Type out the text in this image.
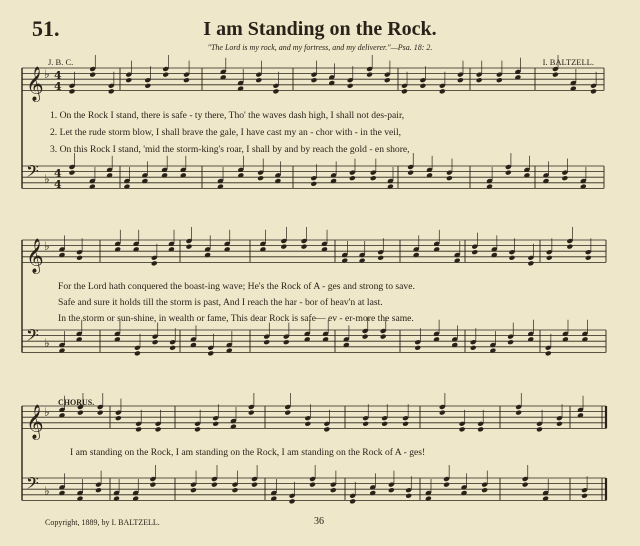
51.	I am Standing on the Rock.
"The Lord is my rock, and my fortress, and my deliverer."—Psa. 18: 2.
J. B. C.	I. BALTZELL.
𝄞 ♭ 4
4
𝄢 ♭ 4
4
𝄞 ♭
𝄢 ♭
𝄞 ♭
𝄢 ♭
1. On the Rock I stand, there is safe - ty there, Tho' the waves dash high, I shall not des-pair,
2. Let the rude storm blow, I shall brave the gale, I have cast my an - chor with - in the veil,
3. On this Rock I stand, 'mid the storm-king's roar, I shall by and by reach the gold - en shore,
For the Lord hath conquered the boast-ing wave; He's the Rock of A - ges and strong to save.
Safe and sure it holds till the storm is past, And I reach the har - bor of heav'n at last.
In the storm or sun-shine, in wealth or fame, This dear Rock is safe— ev - er-more the same.
CHORUS.
I am standing on the Rock, I am standing on the Rock, I am standing on the Rock of A - ges!
Copyright, 1889, by I. BALTZELL.	36
